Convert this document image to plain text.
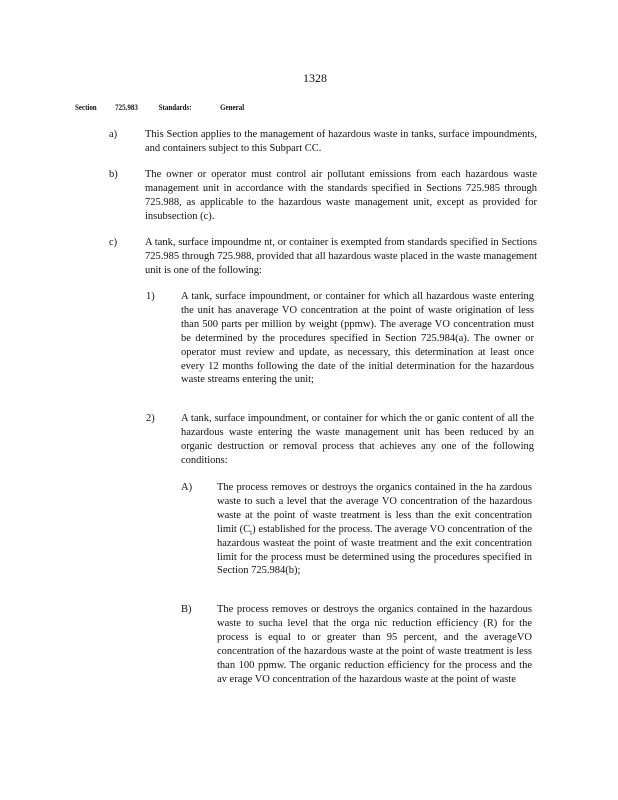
1328
Section 725.983 Standards:	General
a)	This Section applies to the management of hazardous waste in tanks, surface impoundments, and containers subject to this Subpart CC.
b)	The owner or operator must control air pollutant emissions from each hazardous waste management unit in accordance with the standards specified in Sections 725.985 through 725.988, as applicable to the hazardous waste management unit, except as provided for insubsection (c).
c)	A tank, surface impoundme nt, or container is exempted from standards specified in Sections 725.985 through 725.988, provided that all hazardous waste placed in the waste management unit is one of the following:
1)	A tank, surface impoundment, or container for which all hazardous waste entering the unit has anaverage VO concentration at the point of waste origination of less than 500 parts per million by weight (ppmw). The average VO concentration must be determined by the procedures specified in Section 725.984(a). The owner or operator must review and update, as necessary, this determination at least once every 12 months following the date of the initial determination for the hazardous waste streams entering the unit;
2)	A tank, surface impoundment, or container for which the or ganic content of all the hazardous waste entering the waste management unit has been reduced by an organic destruction or removal process that achieves any one of the following conditions:
A) The process removes or destroys the organics contained in the ha zardous waste to such a level that the average VO concentration of the hazardous waste at the point of waste treatment is less than the exit concentration limit $(C_t)$ established for the process. The average VO concentration of the hazardous wasteat the point of waste treatment and the exit concentration limit for the process must be determined using the procedures specified in Section 725.984(b);
B) The process removes or destroys the organics contained in the hazardous waste to sucha level that the orga nic reduction efficiency (R) for the process is equal to or greater than 95 percent, and the averageVO concentration of the hazardous waste at the point of waste treatment is less than 100 ppmw. The organic reduction efficiency for the process and the av erage VO concentration of the hazardous waste at the point of waste
